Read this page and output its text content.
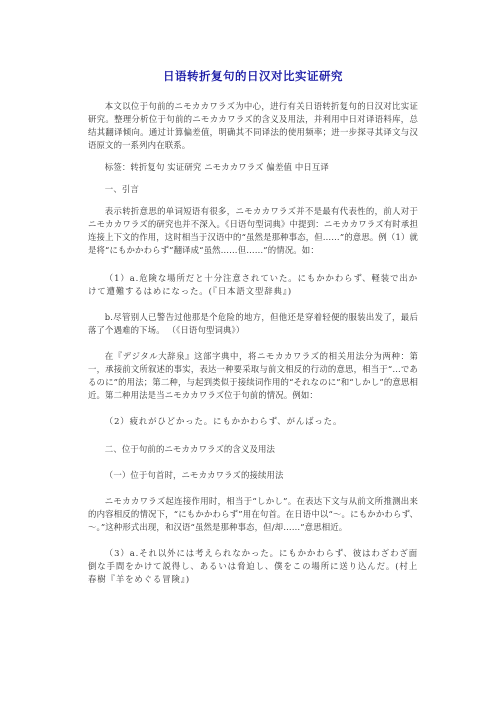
日语转折复句的日汉对比实证研究

本文以位于句前的ニモカカワラズ为中心，进行有关日语转折复句的日汉对比实证研究。整理分析位于句前的ニモカカワラズ的含义及用法，并利用中日对译语料库，总结其翻译倾向。通过计算偏差值，明确其不同译法的使用频率；进一步探寻其译文与汉语原文的一系列内在联系。

标签：转折复句 实证研究 ニモカカワラズ 偏差值 中日互译

一、引言

表示转折意思的单词短语有很多，ニモカカワラズ并不是最有代表性的，前人对于ニモカカワラズ的研究也并不深入。《日语句型词典》中提到：ニモカカワラズ有时承担连接上下文的作用，这时相当于汉语中的“虽然是那种事态，但……”的意思。例（1）就是将“にもかかわらず”翻译成“虽然……但……”的情况。如：

（1）a.危険な場所だと十分注意されていた。にもかかわらず、軽装で出かけて遭難するはめになった。(『日本語文型辞典』)

b.尽管别人已警告过他那是个危险的地方，但他还是穿着轻便的服装出发了，最后落了个遇难的下场。 （《日语句型词典》）

在『デジタル大辞泉』这部字典中，将ニモカカワラズ的相关用法分为两种：第一，承接前文所叙述的事实，表达一种要采取与前文相反的行动的意思，相当于“…であるのに”的用法；第二种，与起到类似于接续词作用的“それなのに”和“しかし”的意思相近。第二种用法是当ニモカカワラズ位于句前的情况。例如：

（2）疲れがひどかった。にもかかわらず、がんばった。

二、位于句前的ニモカカワラズ的含义及用法

（一）位于句首时，ニモカカワラズ的接续用法

ニモカカワラズ起连接作用时，相当于“しかし”。在表达下文与从前文所推测出来的内容相反的情况下，“にもかかわらず”用在句首。在日语中以“～。にもかかわらず、～。”这种形式出现，和汉语“虽然是那种事态，但/却……”意思相近。

（3）a.それ以外には考えられなかった。にもかかわらず、彼はわざわざ面倒な手間をかけて説得し、あるいは脅迫し、僕をこの場所に送り込んだ。(村上春樹『羊をめぐる冒険』)
